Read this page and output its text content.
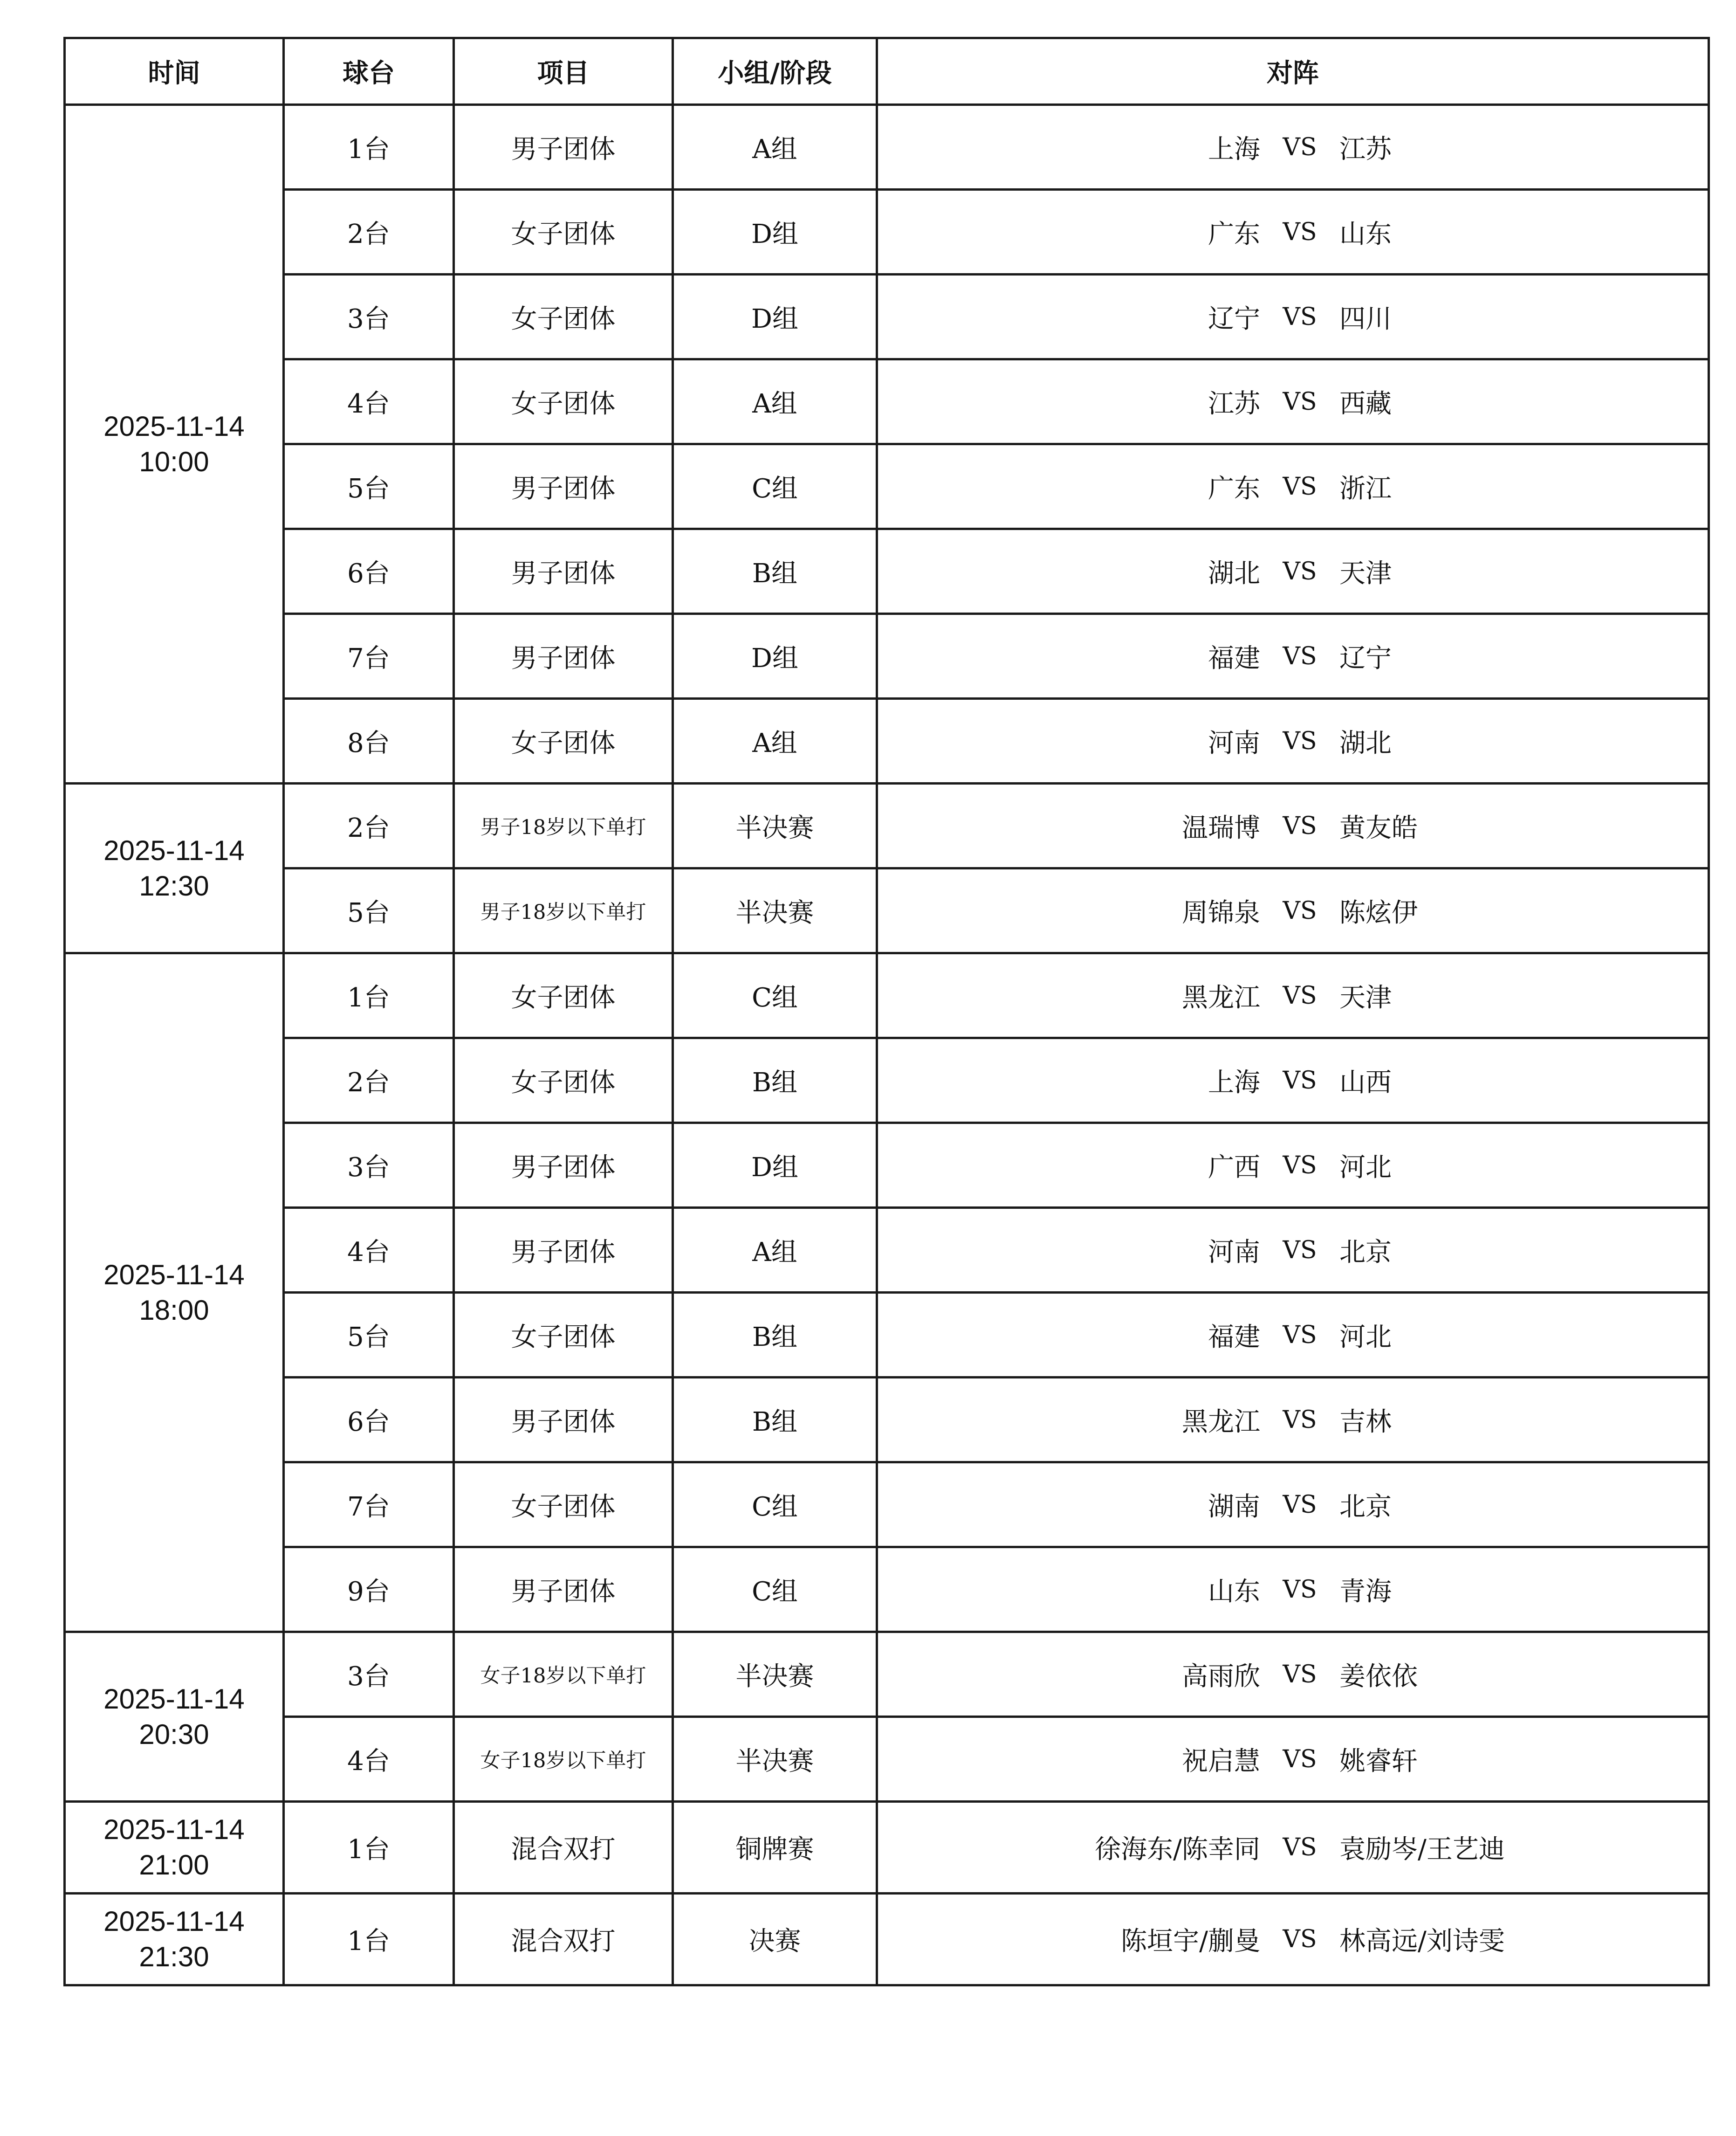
时间	球台	项目	小组/阶段	对阵

2025-11-14
10:00	1台	男子团体	A组	上海 VS 江苏

	2台	女子团体	D组	广东 VS 山东

	3台	女子团体	D组	辽宁 VS 四川

	4台	女子团体	A组	江苏 VS 西藏

	5台	男子团体	C组	广东 VS 浙江

	6台	男子团体	B组	湖北 VS 天津

	7台	男子团体	D组	福建 VS 辽宁

	8台	女子团体	A组	河南 VS 湖北

2025-11-14
12:30	2台	男子18岁以下单打	半决赛	温瑞博 VS 黄友皓

	5台	男子18岁以下单打	半决赛	周锦泉 VS 陈炫伊

2025-11-14
18:00	1台	女子团体	C组	黑龙江 VS 天津

	2台	女子团体	B组	上海 VS 山西

	3台	男子团体	D组	广西 VS 河北

	4台	男子团体	A组	河南 VS 北京

	5台	女子团体	B组	福建 VS 河北

	6台	男子团体	B组	黑龙江 VS 吉林

	7台	女子团体	C组	湖南 VS 北京

	9台	男子团体	C组	山东 VS 青海

2025-11-14
20:30	3台	女子18岁以下单打	半决赛	高雨欣 VS 姜依依

	4台	女子18岁以下单打	半决赛	祝启慧 VS 姚睿轩

2025-11-14
21:00	1台	混合双打	铜牌赛	徐海东/陈幸同 VS 袁励岑/王艺迪

2025-11-14
21:30	1台	混合双打	决赛	陈垣宇/蒯曼 VS 林高远/刘诗雯
